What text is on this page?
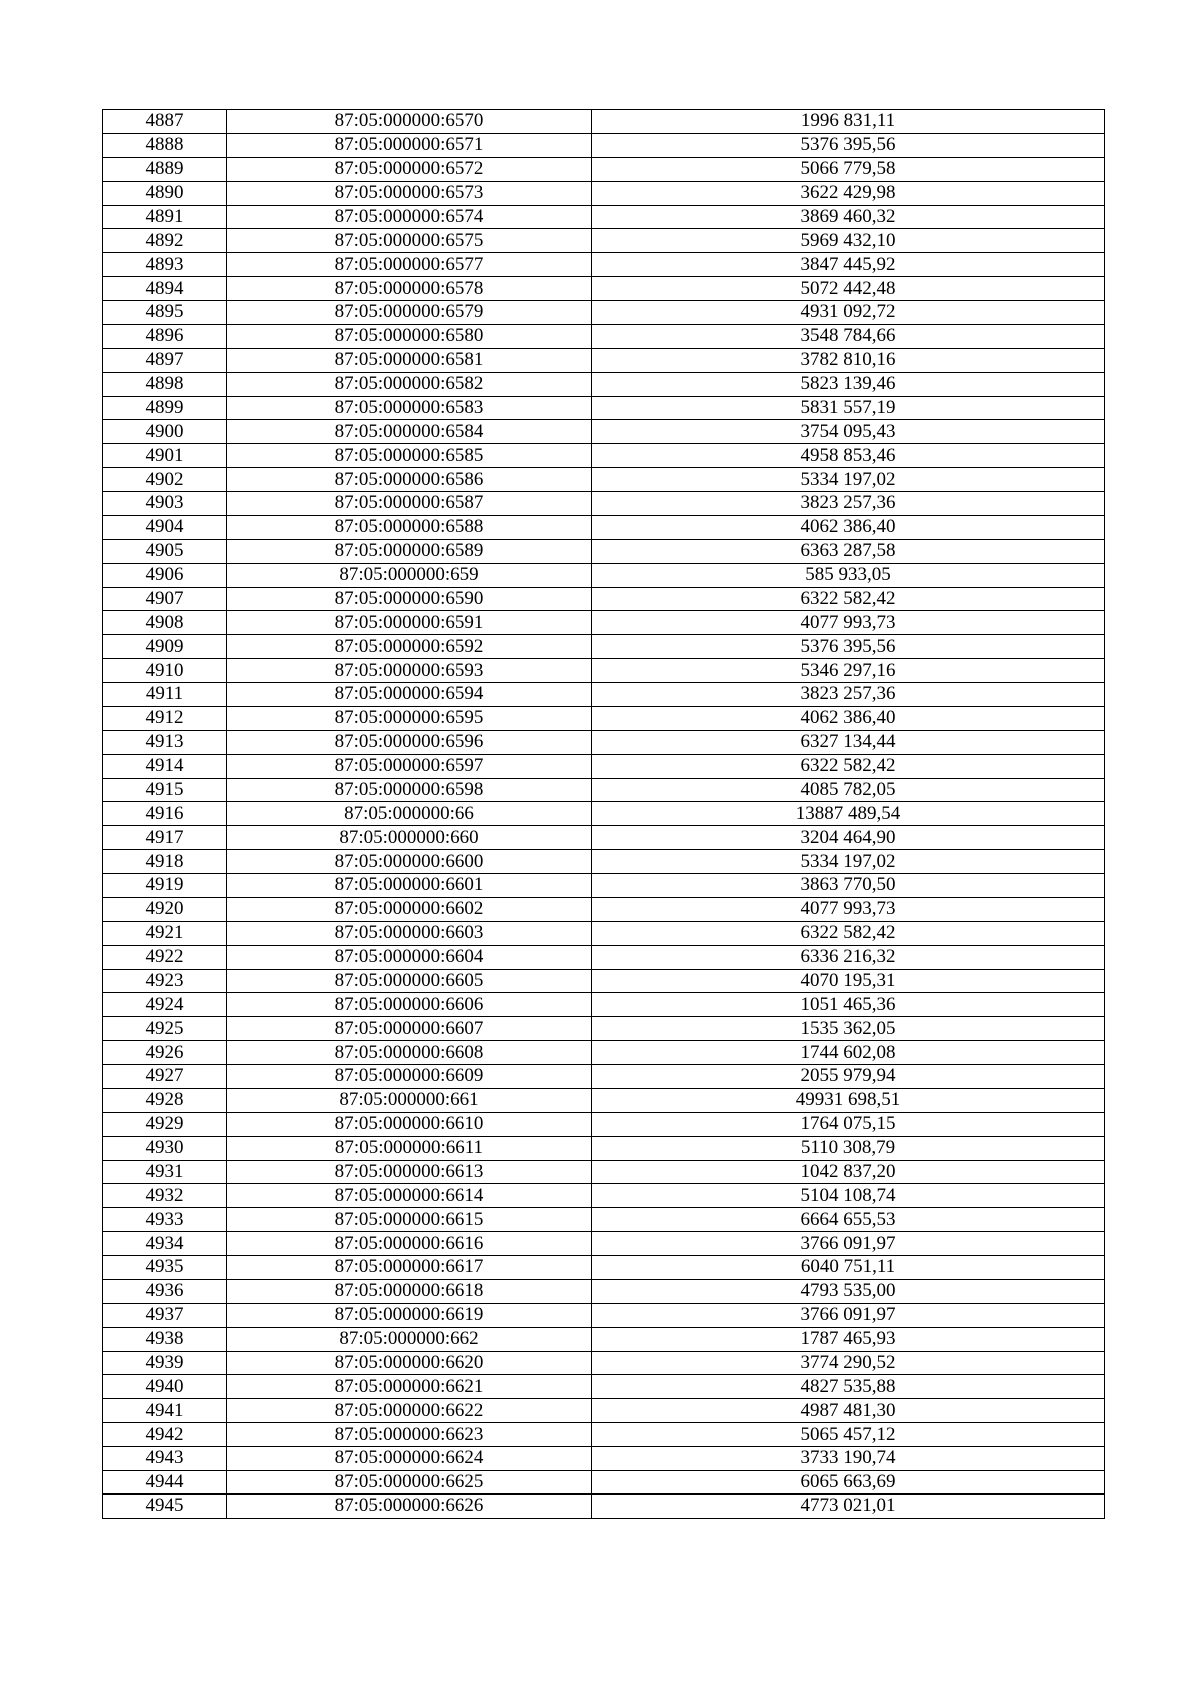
4887	87:05:000000:6570	1996 831,11
4888	87:05:000000:6571	5376 395,56
4889	87:05:000000:6572	5066 779,58
4890	87:05:000000:6573	3622 429,98
4891	87:05:000000:6574	3869 460,32
4892	87:05:000000:6575	5969 432,10
4893	87:05:000000:6577	3847 445,92
4894	87:05:000000:6578	5072 442,48
4895	87:05:000000:6579	4931 092,72
4896	87:05:000000:6580	3548 784,66
4897	87:05:000000:6581	3782 810,16
4898	87:05:000000:6582	5823 139,46
4899	87:05:000000:6583	5831 557,19
4900	87:05:000000:6584	3754 095,43
4901	87:05:000000:6585	4958 853,46
4902	87:05:000000:6586	5334 197,02
4903	87:05:000000:6587	3823 257,36
4904	87:05:000000:6588	4062 386,40
4905	87:05:000000:6589	6363 287,58
4906	87:05:000000:659	585 933,05
4907	87:05:000000:6590	6322 582,42
4908	87:05:000000:6591	4077 993,73
4909	87:05:000000:6592	5376 395,56
4910	87:05:000000:6593	5346 297,16
4911	87:05:000000:6594	3823 257,36
4912	87:05:000000:6595	4062 386,40
4913	87:05:000000:6596	6327 134,44
4914	87:05:000000:6597	6322 582,42
4915	87:05:000000:6598	4085 782,05
4916	87:05:000000:66	13887 489,54
4917	87:05:000000:660	3204 464,90
4918	87:05:000000:6600	5334 197,02
4919	87:05:000000:6601	3863 770,50
4920	87:05:000000:6602	4077 993,73
4921	87:05:000000:6603	6322 582,42
4922	87:05:000000:6604	6336 216,32
4923	87:05:000000:6605	4070 195,31
4924	87:05:000000:6606	1051 465,36
4925	87:05:000000:6607	1535 362,05
4926	87:05:000000:6608	1744 602,08
4927	87:05:000000:6609	2055 979,94
4928	87:05:000000:661	49931 698,51
4929	87:05:000000:6610	1764 075,15
4930	87:05:000000:6611	5110 308,79
4931	87:05:000000:6613	1042 837,20
4932	87:05:000000:6614	5104 108,74
4933	87:05:000000:6615	6664 655,53
4934	87:05:000000:6616	3766 091,97
4935	87:05:000000:6617	6040 751,11
4936	87:05:000000:6618	4793 535,00
4937	87:05:000000:6619	3766 091,97
4938	87:05:000000:662	1787 465,93
4939	87:05:000000:6620	3774 290,52
4940	87:05:000000:6621	4827 535,88
4941	87:05:000000:6622	4987 481,30
4942	87:05:000000:6623	5065 457,12
4943	87:05:000000:6624	3733 190,74
4944	87:05:000000:6625	6065 663,69
4945	87:05:000000:6626	4773 021,01
